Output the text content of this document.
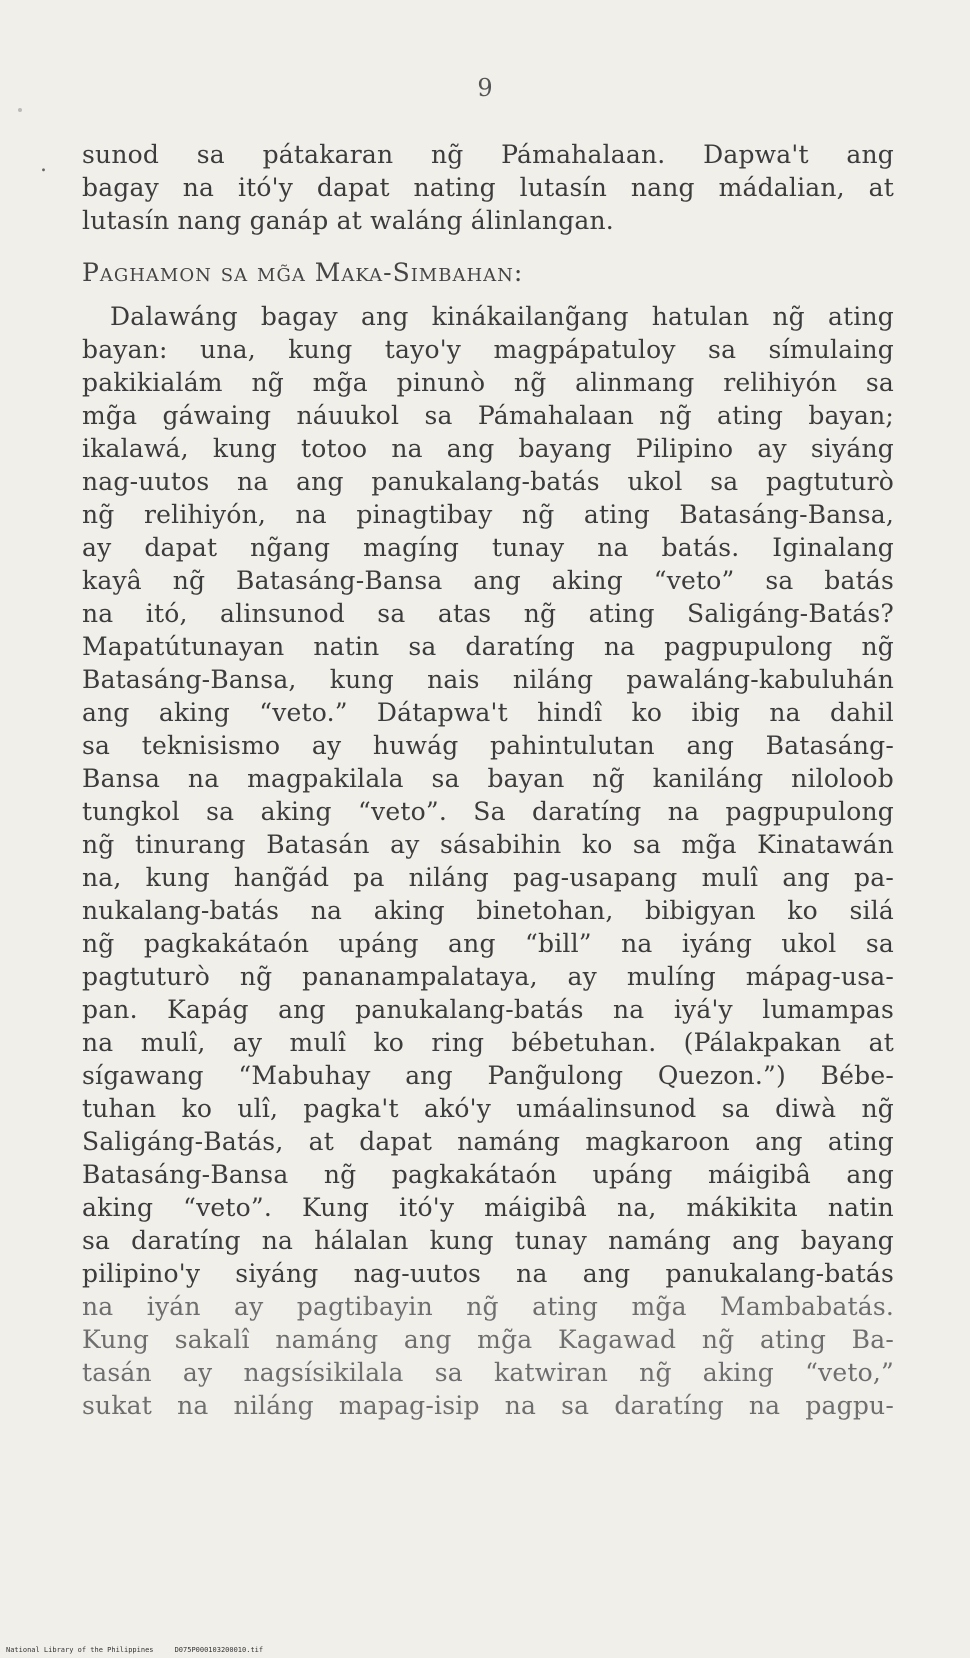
.
9
sunod sa pátakaran ng̃ Pámahalaan. Dapwa't ang
bagay na itó'y dapat nating lutasín nang mádalian, at
lutasín nang ganáp at waláng álinlangan.
Paghamon sa mg̃a Maka-Simbahan:
Dalawáng bagay ang kinákailang̃ang hatulan ng̃ ating
bayan: una, kung tayo'y magpápatuloy sa símulaing
pakikialám ng̃ mg̃a pinunò ng̃ alinmang relihiyón sa
mg̃a gáwaing náuukol sa Pámahalaan ng̃ ating bayan;
ikalawá, kung totoo na ang bayang Pilipino ay siyáng
nag-uutos na ang panukalang-batás ukol sa pagtuturò
ng̃ relihiyón, na pinagtibay ng̃ ating Batasáng-Bansa,
ay dapat ng̃ang magíng tunay na batás. Iginalang
kayâ ng̃ Batasáng-Bansa ang aking “veto” sa batás
na itó, alinsunod sa atas ng̃ ating Saligáng-Batás?
Mapatútunayan natin sa daratíng na pagpupulong ng̃
Batasáng-Bansa, kung nais niláng pawaláng-kabuluhán
ang aking “veto.” Dátapwa't hindî ko ibig na dahil
sa teknisismo ay huwág pahintulutan ang Batasáng-
Bansa na magpakilala sa bayan ng̃ kaniláng niloloob
tungkol sa aking “veto”. Sa daratíng na pagpupulong
ng̃ tinurang Batasán ay sásabihin ko sa mg̃a Kinatawán
na, kung hang̃ád pa niláng pag-usapang mulî ang pa-
nukalang-batás na aking binetohan, bibigyan ko silá
ng̃ pagkakátaón upáng ang “bill” na iyáng ukol sa
pagtuturò ng̃ pananampalataya, ay mulíng mápag-usa-
pan. Kapág ang panukalang-batás na iyá'y lumampas
na mulî, ay mulî ko ring bébetuhan. (Pálakpakan at
sígawang “Mabuhay ang Pang̃ulong Quezon.”) Bébe-
tuhan ko ulî, pagka't akó'y umáalinsunod sa diwà ng̃
Saligáng-Batás, at dapat namáng magkaroon ang ating
Batasáng-Bansa ng̃ pagkakátaón upáng máigibâ ang
aking “veto”. Kung itó'y máigibâ na, mákikita natin
sa daratíng na hálalan kung tunay namáng ang bayang
pilipino'y siyáng nag-uutos na ang panukalang-batás
na iyán ay pagtibayin ng̃ ating mg̃a Mambabatás.
Kung sakalî namáng ang mg̃a Kagawad ng̃ ating Ba-
tasán ay nagsísikilala sa katwiran ng̃ aking “veto,”
sukat na niláng mapag-isip na sa daratíng na pagpu-
National Library of the Philippines	D075P000103200010.tif
